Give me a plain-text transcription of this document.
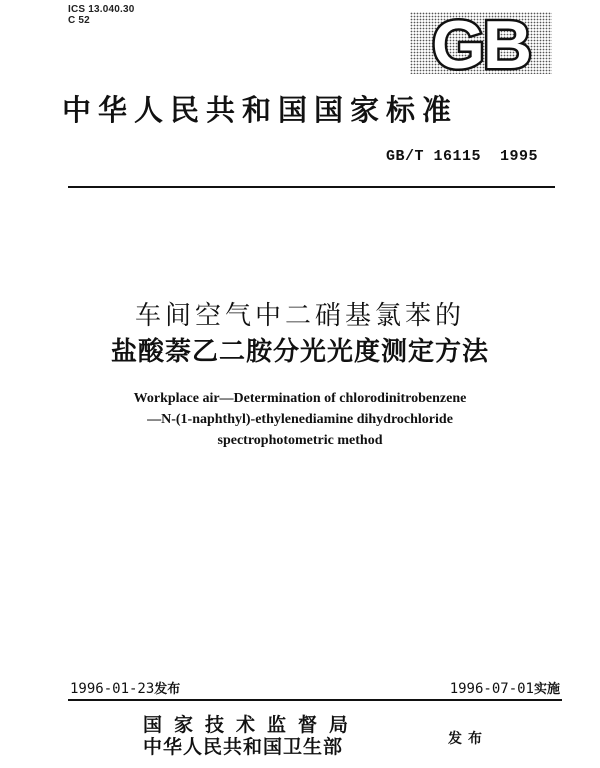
ICS 13.040.30
C 52	GB
中华人民共和国国家标准
GB/T 16115  1995
车间空气中二硝基氯苯的
盐酸萘乙二胺分光光度测定方法
Workplace air—Determination of chlorodinitrobenzene
—N-(1-naphthyl)-ethylenediamine dihydrochloride
spectrophotometric method
1996-01-23发布	1996-07-01实施
国家技术监督局
中华人民共和国卫生部	发布
